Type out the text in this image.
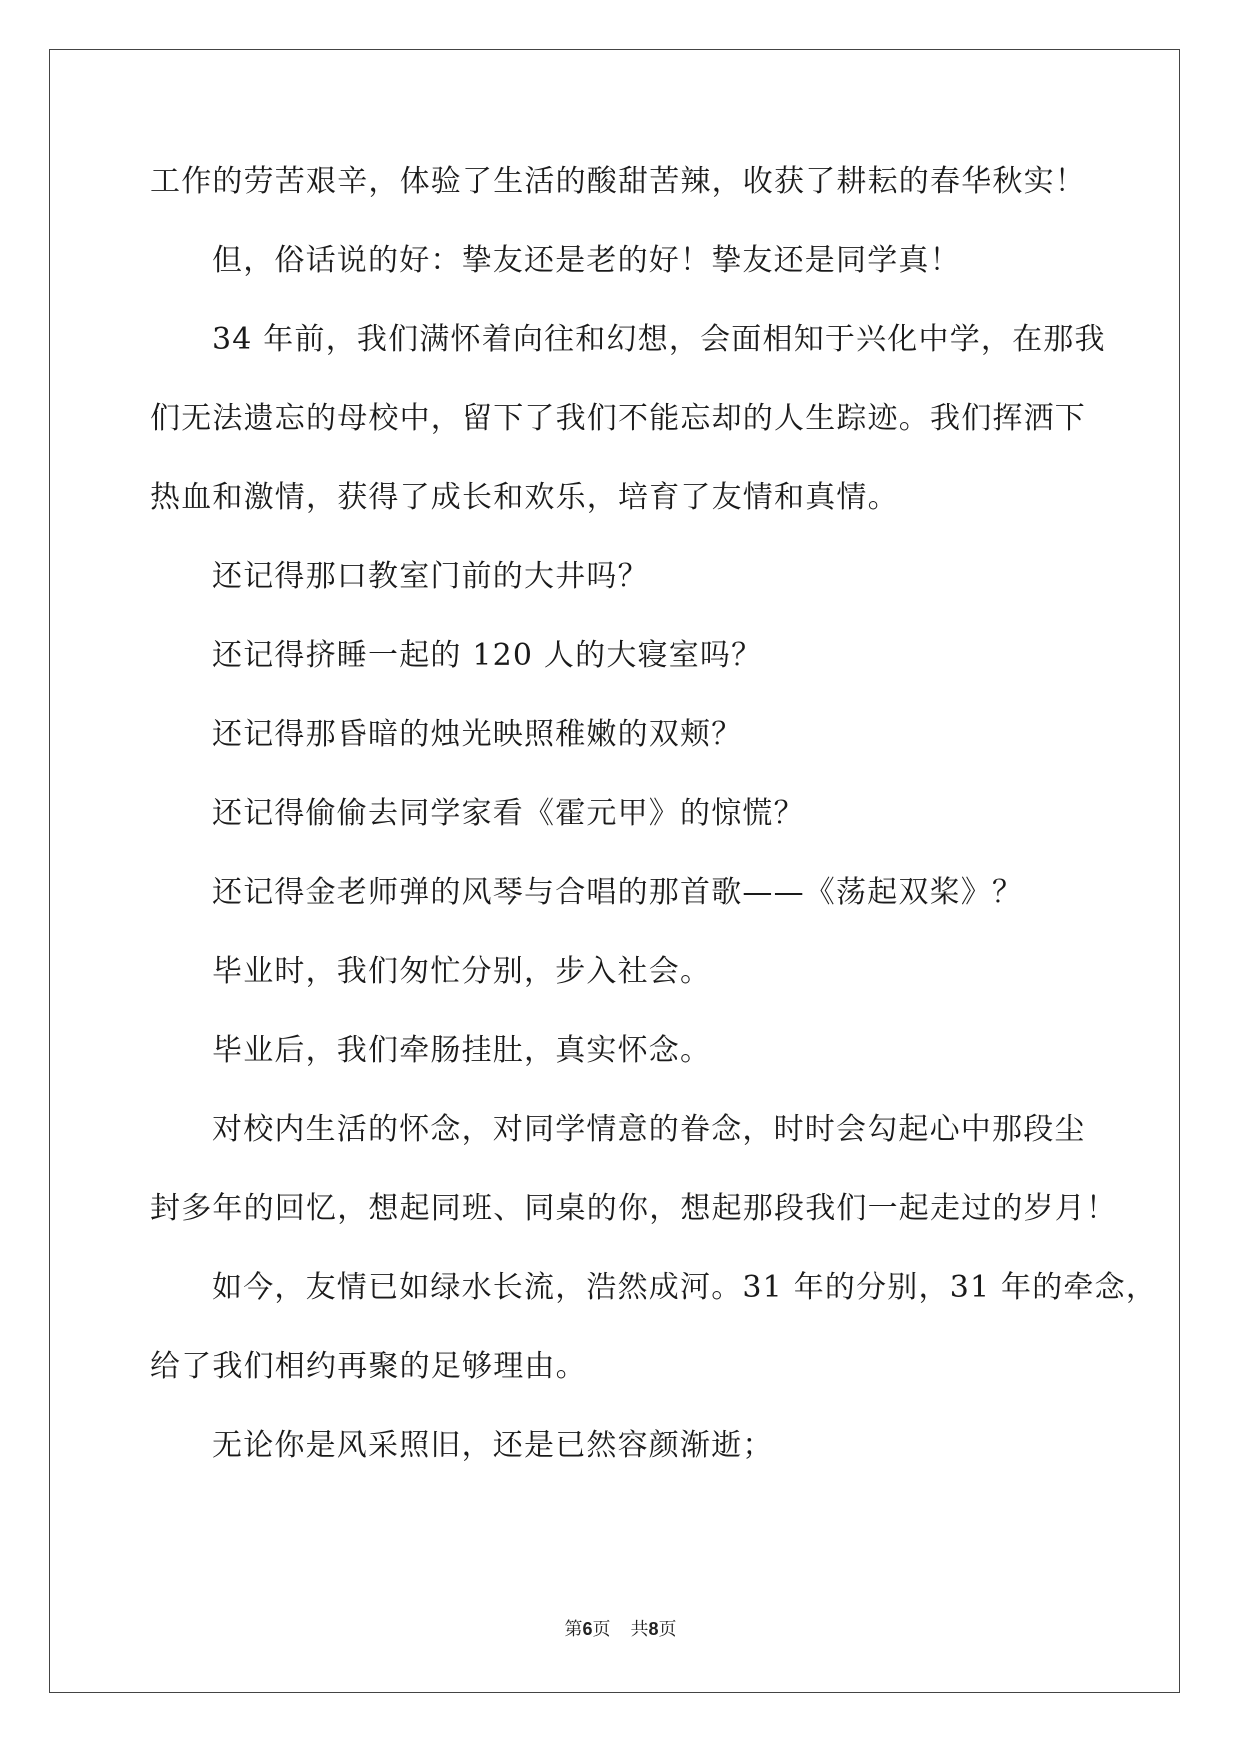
工作的劳苦艰辛，体验了生活的酸甜苦辣，收获了耕耘的春华秋实！
但，俗话说的好：挚友还是老的好！挚友还是同学真！
34 年前，我们满怀着向往和幻想，会面相知于兴化中学，在那我
们无法遗忘的母校中，留下了我们不能忘却的人生踪迹。我们挥洒下
热血和激情，获得了成长和欢乐，培育了友情和真情。
还记得那口教室门前的大井吗？
还记得挤睡一起的 120 人的大寝室吗？
还记得那昏暗的烛光映照稚嫩的双颊？
还记得偷偷去同学家看《霍元甲》的惊慌？
还记得金老师弹的风琴与合唱的那首歌——《荡起双桨》？
毕业时，我们匆忙分别，步入社会。
毕业后，我们牵肠挂肚，真实怀念。
对校内生活的怀念，对同学情意的眷念，时时会勾起心中那段尘
封多年的回忆，想起同班、同桌的你，想起那段我们一起走过的岁月！
如今，友情已如绿水长流，浩然成河。31 年的分别，31 年的牵念，
给了我们相约再聚的足够理由。
无论你是风采照旧，还是已然容颜渐逝；
第6页 共8页
